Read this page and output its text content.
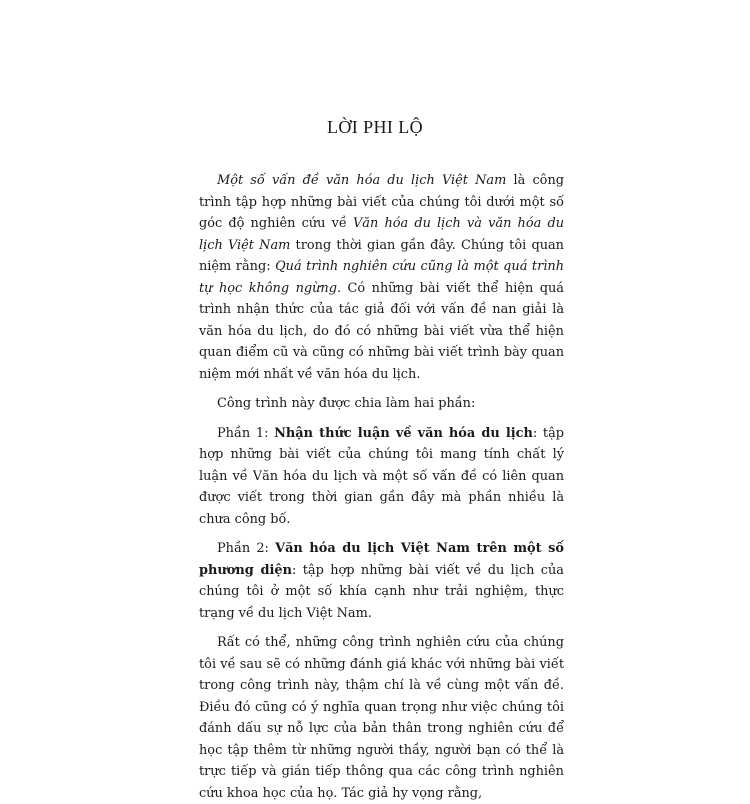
LỜI PHI LỘ

Một số vấn đề văn hóa du lịch Việt Nam là công trình tập hợp những bài viết của chúng tôi dưới một số góc độ nghiên cứu về Văn hóa du lịch và văn hóa du lịch Việt Nam trong thời gian gần đây. Chúng tôi quan niệm rằng: Quá trình nghiên cứu cũng là một quá trình tự học không ngừng. Có những bài viết thể hiện quá trình nhận thức của tác giả đối với vấn đề nan giải là văn hóa du lịch, do đó có những bài viết vừa thể hiện quan điểm cũ và cũng có những bài viết trình bày quan niệm mới nhất về văn hóa du lịch.

Công trình này được chia làm hai phần:

Phần 1: Nhận thức luận về văn hóa du lịch: tập hợp những bài viết của chúng tôi mang tính chất lý luận về Văn hóa du lịch và một số vấn đề có liên quan được viết trong thời gian gần đây mà phần nhiều là chưa công bố.

Phần 2: Văn hóa du lịch Việt Nam trên một số phương diện: tập hợp những bài viết về du lịch của chúng tôi ở một số khía cạnh như trải nghiệm, thực trạng về du lịch Việt Nam.

Rất có thể, những công trình nghiên cứu của chúng tôi về sau sẽ có những đánh giá khác với những bài viết trong công trình này, thậm chí là về cùng một vấn đề. Điều đó cũng có ý nghĩa quan trọng như việc chúng tôi đánh dấu sự nỗ lực của bản thân trong nghiên cứu để học tập thêm từ những người thầy, người bạn có thể là trực tiếp và gián tiếp thông qua các công trình nghiên cứu khoa học của họ. Tác giả hy vọng rằng,
